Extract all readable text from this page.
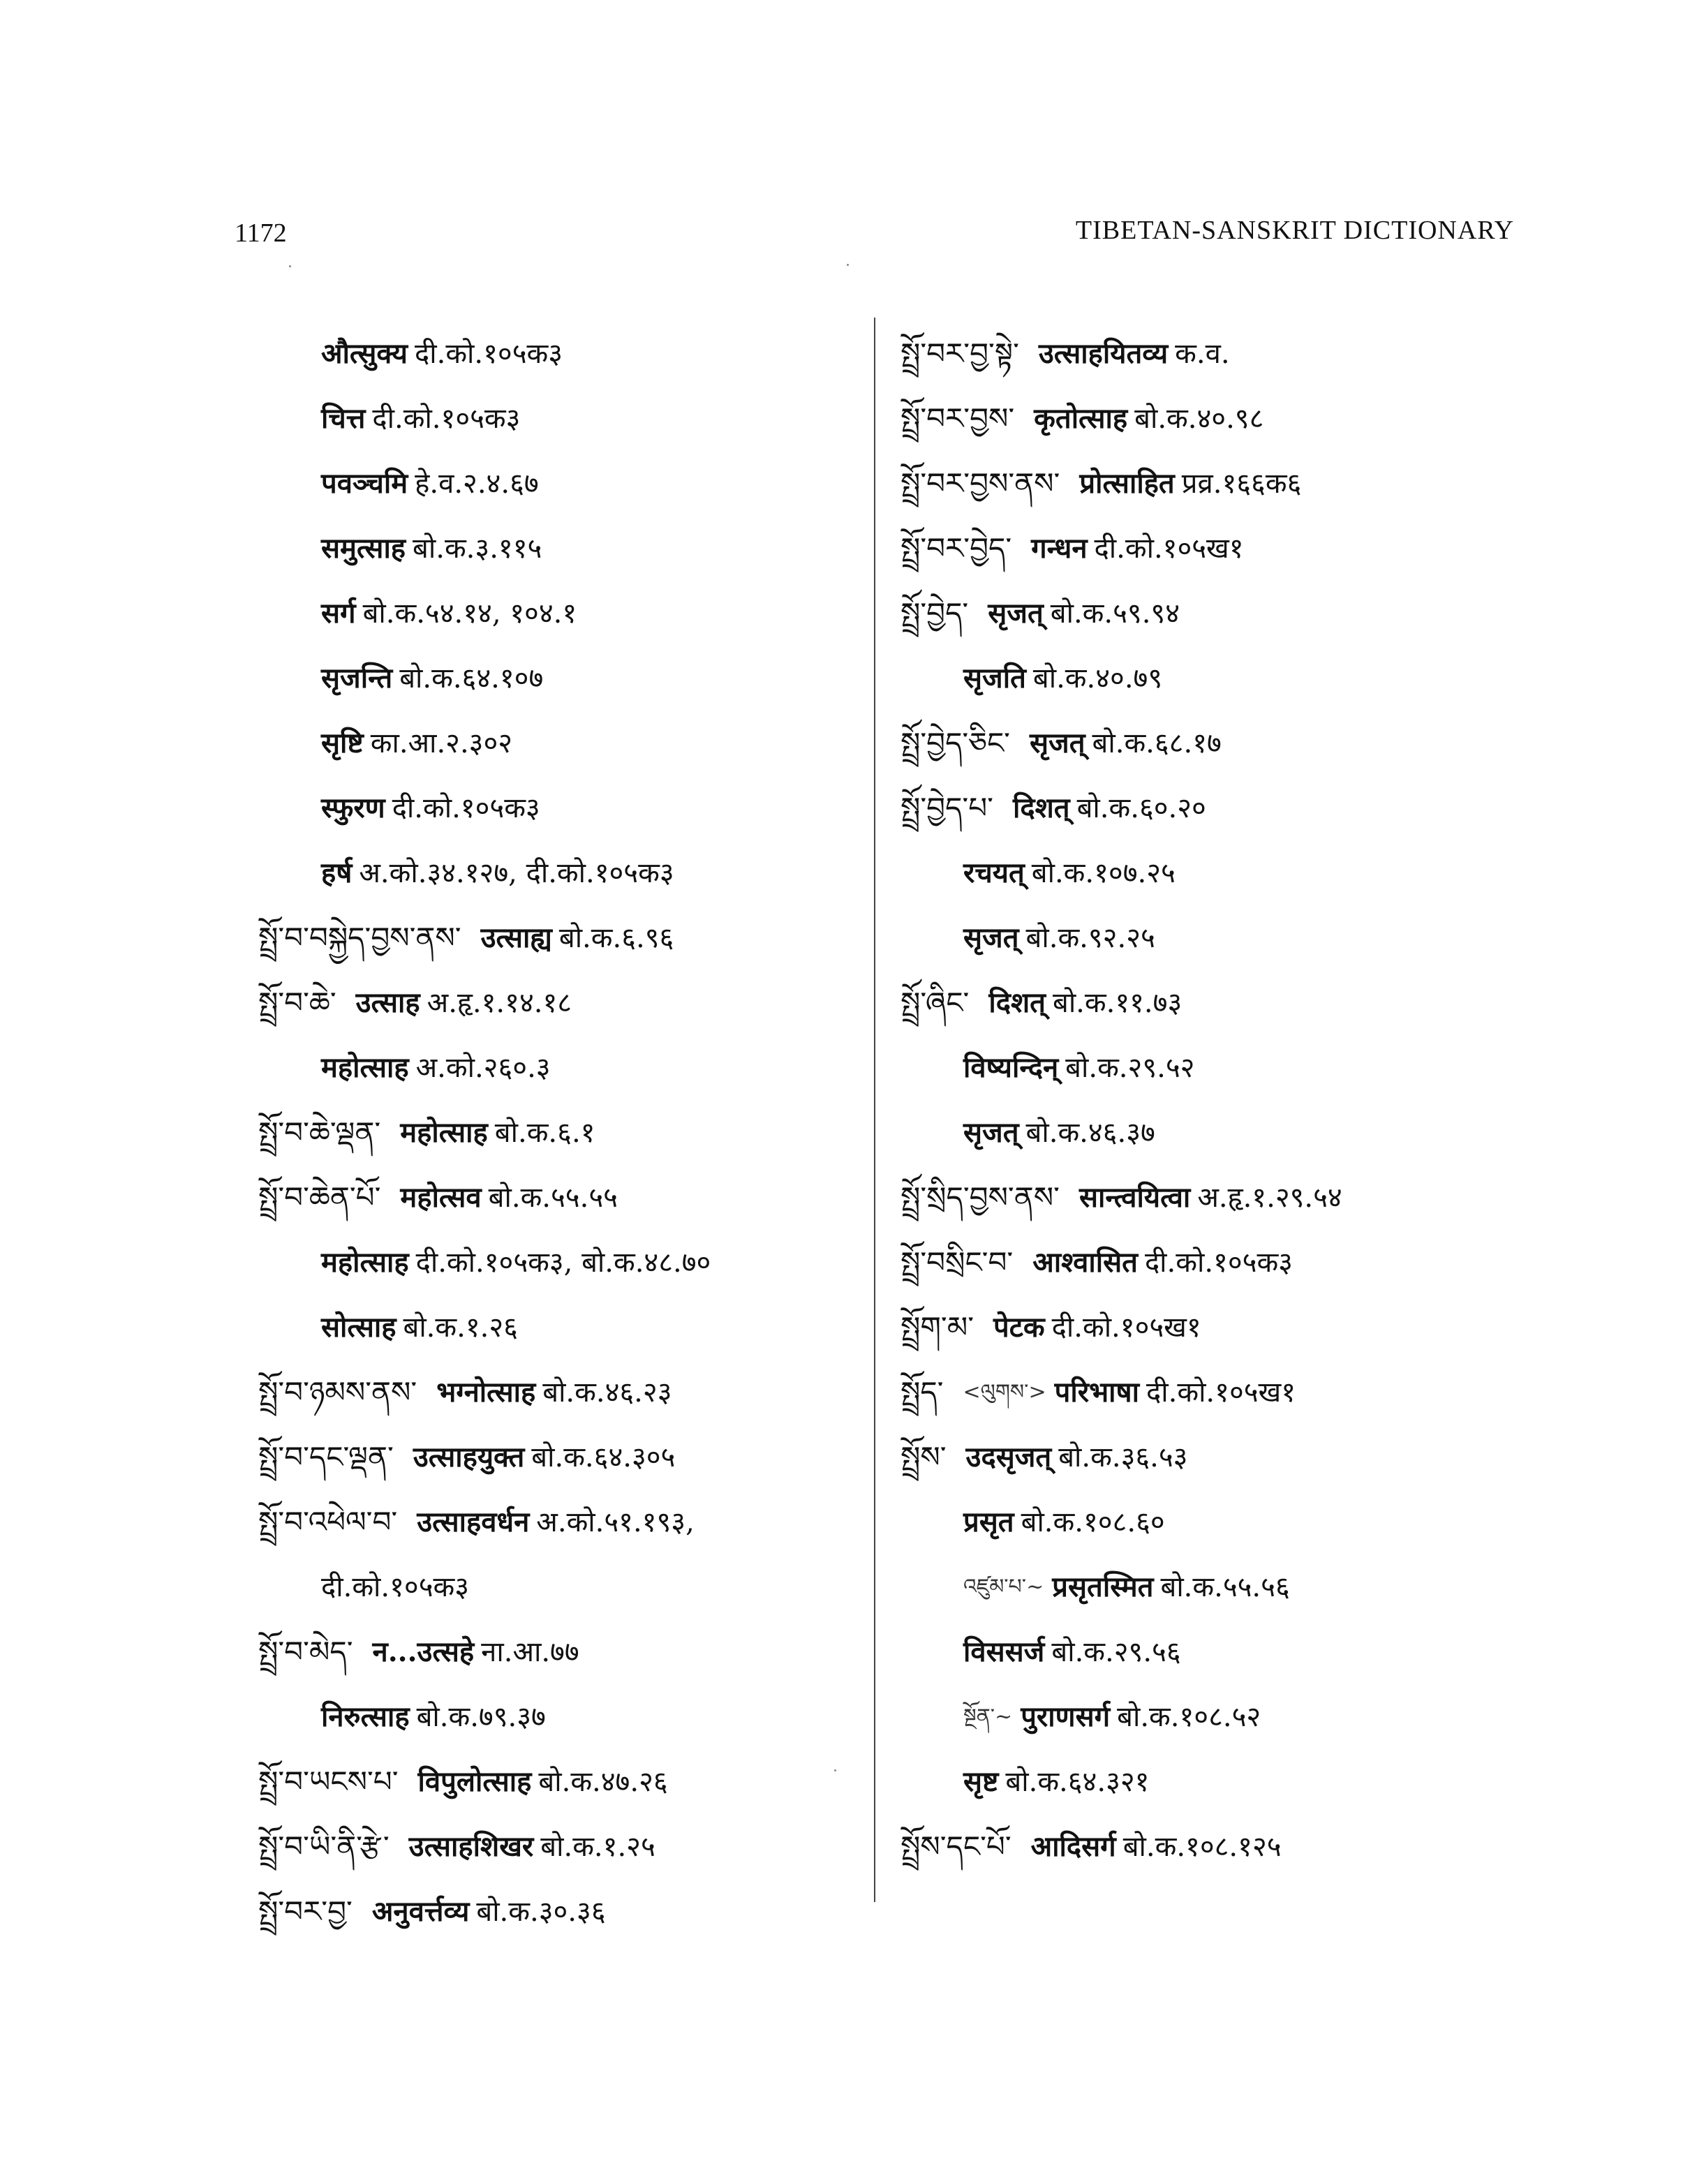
1172	TIBETAN-SANSKRIT DICTIONARY
औत्सुक्य दी.को.१०५क३
चित्त दी.को.१०५क३
पवञ्चमि हे.व.२.४.६७
समुत्साह बो.क.३.११५
सर्ग बो.क.५४.१४, १०४.१
सृजन्ति बो.क.६४.१०७
सृष्टि का.आ.२.३०२
स्फुरण दी.को.१०५क३
हर्ष अ.को.३४.१२७, दी.को.१०५क३
སྤྲོ་བ་བསྐྱེད་བྱས་ནས་ उत्साह्य बो.क.६.९६
སྤྲོ་བ་ཆེ་ उत्साह अ.हृ.१.१४.१८
महोत्साह अ.को.२६०.३
སྤྲོ་བ་ཆེ་ལྡན་ महोत्साह बो.क.६.१
སྤྲོ་བ་ཆེན་པོ་ महोत्सव बो.क.५५.५५
महोत्साह दी.को.१०५क३, बो.क.४८.७०
सोत्साह बो.क.१.२६
སྤྲོ་བ་ཉམས་ནས་ भग्नोत्साह बो.क.४६.२३
སྤྲོ་བ་དང་ལྡན་ उत्साहयुक्त बो.क.६४.३०५
སྤྲོ་བ་འཕེལ་བ་ उत्साहवर्धन अ.को.५१.१९३,
दी.को.१०५क३
སྤྲོ་བ་མེད་ न...उत्सहे ना.आ.७७
निरुत्साह बो.क.७९.३७
སྤྲོ་བ་ཡངས་པ་ विपुलोत्साह बो.क.४७.२६
སྤྲོ་བ་ཡི་ནི་རྩེ་ उत्साहशिखर बो.क.१.२५
སྤྲོ་བར་བྱ་ अनुवर्त्तव्य बो.क.३०.३६
སྤྲོ་བར་བྱ་སྟེ་ उत्साहयितव्य क.व.
སྤྲོ་བར་བྱས་ कृतोत्साह बो.क.४०.९८
སྤྲོ་བར་བྱས་ནས་ प्रोत्साहित प्रव्र.१६६क६
སྤྲོ་བར་བྱེད་ गन्धन दी.को.१०५ख१
སྤྲོ་བྱེད་ सृजत् बो.क.५९.९४
सृजति बो.क.४०.७९
སྤྲོ་བྱེད་ཅིང་ सृजत् बो.क.६८.१७
སྤྲོ་བྱེད་པ་ दिशत् बो.क.६०.२०
रचयत् बो.क.१०७.२५
सृजत् बो.क.९२.२५
སྤྲོ་ཞིང་ दिशत् बो.क.११.७३
विष्यन्दिन् बो.क.२९.५२
सृजत् बो.क.४६.३७
སྤྲོ་སྲིད་བྱས་ནས་ सान्त्वयित्वा अ.हृ.१.२९.५४
སྤྲོ་བསྲིང་བ་ आश्वासित दी.को.१०५क३
སྤྲོག་མ་ पेटक दी.को.१०५ख१
སྤྲོད་ <ལུགས་> परिभाषा दी.को.१०५ख१
སྤྲོས་ उदसृजत् बो.क.३६.५३
प्रसृत बो.क.१०८.६०
འཛུམ་པ་~ प्रसृतस्मित बो.क.५५.५६
विससर्ज बो.क.२९.५६
སྔོན་~ पुराणसर्ग बो.क.१०८.५२
सृष्ट बो.क.६४.३२१
སྤྲོས་དང་པོ་ आदिसर्ग बो.क.१०८.१२५
